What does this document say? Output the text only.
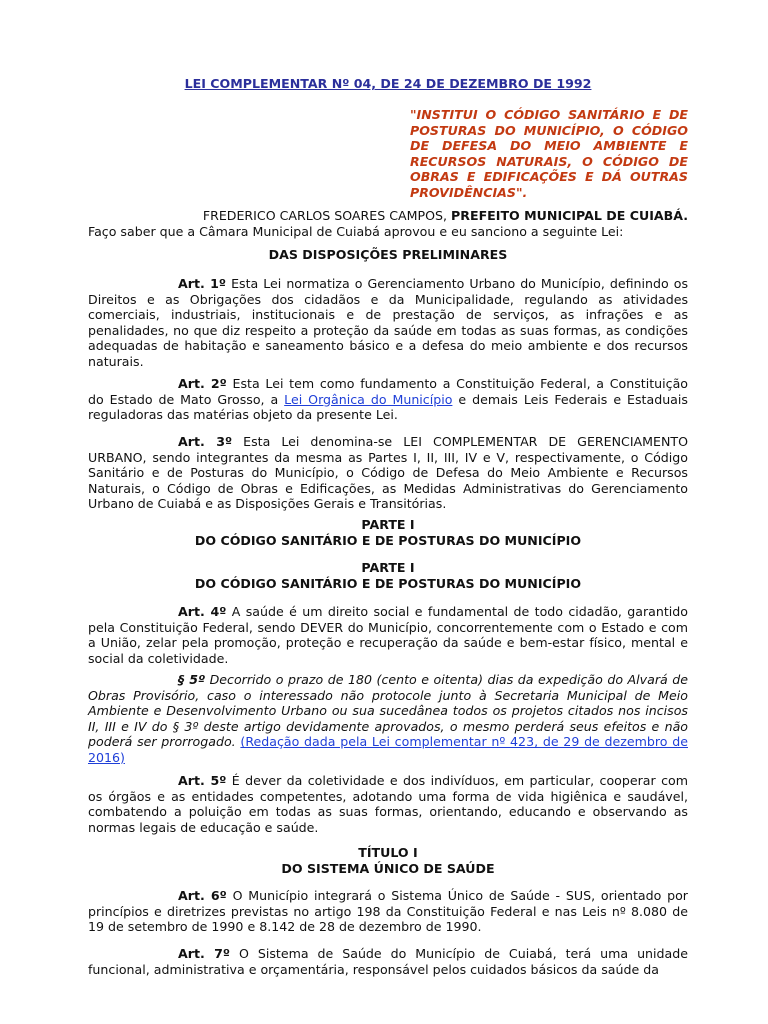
LEI COMPLEMENTAR Nº 04, DE 24 DE DEZEMBRO DE 1992
"INSTITUI O CÓDIGO SANITÁRIO E DE POSTURAS DO MUNICÍPIO, O CÓDIGO DE DEFESA DO MEIO AMBIENTE E RECURSOS NATURAIS, O CÓDIGO DE OBRAS E EDIFICAÇÕES E DÁ OUTRAS PROVIDÊNCIAS".
FREDERICO CARLOS SOARES CAMPOS, PREFEITO MUNICIPAL DE CUIABÁ.
Faço saber que a Câmara Municipal de Cuiabá aprovou e eu sanciono a seguinte Lei:
DAS DISPOSIÇÕES PRELIMINARES
Art. 1º Esta Lei normatiza o Gerenciamento Urbano do Município, definindo os Direitos e as Obrigações dos cidadãos e da Municipalidade, regulando as atividades comerciais, industriais, institucionais e de prestação de serviços, as infrações e as penalidades, no que diz respeito a proteção da saúde em todas as suas formas, as condições adequadas de habitação e saneamento básico e a defesa do meio ambiente e dos recursos naturais.
Art. 2º Esta Lei tem como fundamento a Constituição Federal, a Constituição do Estado de Mato Grosso, a Lei Orgânica do Município e demais Leis Federais e Estaduais reguladoras das matérias objeto da presente Lei.
Art. 3º Esta Lei denomina-se LEI COMPLEMENTAR DE GERENCIAMENTO URBANO, sendo integrantes da mesma as Partes I, II, III, IV e V, respectivamente, o Código Sanitário e de Posturas do Município, o Código de Defesa do Meio Ambiente e Recursos Naturais, o Código de Obras e Edificações, as Medidas Administrativas do Gerenciamento Urbano de Cuiabá e as Disposições Gerais e Transitórias.
PARTE I
DO CÓDIGO SANITÁRIO E DE POSTURAS DO MUNICÍPIO
PARTE I
DO CÓDIGO SANITÁRIO E DE POSTURAS DO MUNICÍPIO
Art. 4º A saúde é um direito social e fundamental de todo cidadão, garantido pela Constituição Federal, sendo DEVER do Município, concorrentemente com o Estado e com a União, zelar pela promoção, proteção e recuperação da saúde e bem-estar físico, mental e social da coletividade.
§ 5º Decorrido o prazo de 180 (cento e oitenta) dias da expedição do Alvará de Obras Provisório, caso o interessado não protocole junto à Secretaria Municipal de Meio Ambiente e Desenvolvimento Urbano ou sua sucedânea todos os projetos citados nos incisos II, III e IV do § 3º deste artigo devidamente aprovados, o mesmo perderá seus efeitos e não poderá ser prorrogado. (Redação dada pela Lei complementar nº 423, de 29 de dezembro de 2016)
Art. 5º É dever da coletividade e dos indivíduos, em particular, cooperar com os órgãos e as entidades competentes, adotando uma forma de vida higiênica e saudável, combatendo a poluição em todas as suas formas, orientando, educando e observando as normas legais de educação e saúde.
TÍTULO I
DO SISTEMA ÚNICO DE SAÚDE
Art. 6º O Município integrará o Sistema Único de Saúde - SUS, orientado por princípios e diretrizes previstas no artigo 198 da Constituição Federal e nas Leis nº 8.080 de 19 de setembro de 1990 e 8.142 de 28 de dezembro de 1990.
Art. 7º O Sistema de Saúde do Município de Cuiabá, terá uma unidade funcional, administrativa e orçamentária, responsável pelos cuidados básicos da saúde da
